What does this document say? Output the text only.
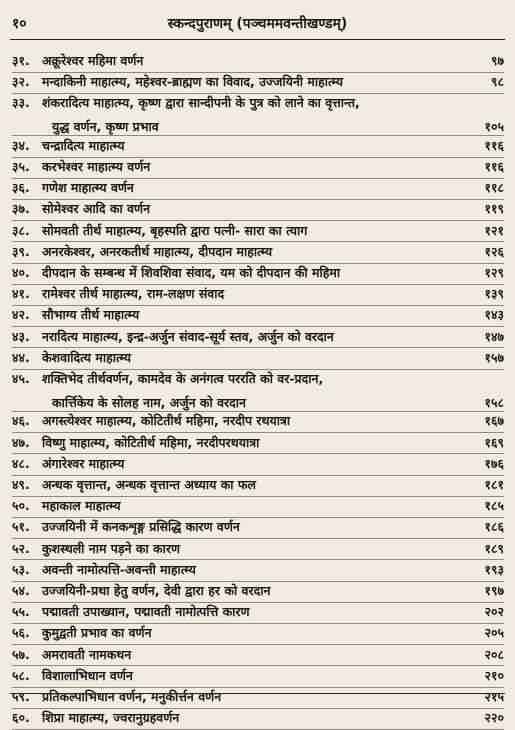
१०	स्कन्दपुराणम् (पञ्चममवन्तीखण्डम्)
३१. अक्रूरेश्वर महिमा वर्णन	९७
३२. मन्दाकिनी माहात्म्य, महेश्वर-ब्राह्मण का विवाद, उज्जयिनी माहात्म्य	९८
३३. शंकरादित्य माहात्म्य, कृष्ण द्वारा सान्दीपनी के पुत्र को लाने का वृत्तान्त,
युद्ध वर्णन, कृष्ण प्रभाव	१०५
३४. चन्द्रादित्य माहात्म्य	११६
३५. करभेश्वर माहात्म्य वर्णन	११६
३६. गणेश माहात्म्य वर्णन	११८
३७. सोमेश्वर आदि का वर्णन	११९
३८. सोमवती तीर्थ माहात्म्य, बृहस्पति द्वारा पत्नी- सारा का त्याग	१२१
३९. अनरकेश्वर, अनरकतीर्थ माहात्म्य, दीपदान माहात्म्य	१२६
४०. दीपदान के सम्बन्ध में शिवशिवा संवाद, यम को दीपदान की महिमा	१२९
४१. रामेश्वर तीर्थ माहात्म्य, राम-लक्षण संवाद	१३९
४२. सौभाग्य तीर्थ माहात्म्य	१४३
४३. नरादित्य माहात्म्य, इन्द्र-अर्जुन संवाद-सूर्य स्तव, अर्जुन को वरदान	१४७
४४. केशवादित्य माहात्म्य	१५७
४५. शक्तिभेद तीर्थवर्णन, कामदेव के अनंगत्व पररति को वर-प्रदान,
कार्त्तिकेय के सोलह नाम, अर्जुन को वरदान	१५८
४६. अगस्त्येश्वर माहात्म्य, कोटितीर्थ महिमा, नरदीप रथयात्रा	१६७
४७. विष्णु माहात्म्य, कोटितीर्थ महिमा, नरदीपरथयात्रा	१६९
४८. अंगारेश्वर माहात्म्य	१७६
४९. अन्धक वृत्तान्त, अन्धक वृत्तान्त अध्याय का फल	१८१
५०. महाकाल माहात्म्य	१८५
५१. उज्जयिनी में कनकशृङ्ग प्रसिद्धि कारण वर्णन	१८६
५२. कुशस्थली नाम पड़ने का कारण	१८९
५३. अवन्ती नामोत्पत्ति-अवन्ती माहात्म्य	१९३
५४. उज्जयिनी-प्रथा हेतु वर्णन, देवी द्वारा हर को वरदान	१९७
५५. पद्मावती उपाख्यान, पद्मावती नामोत्पत्ति कारण	२०२
५६. कुमुद्वती प्रभाव का वर्णन	२०५
५७. अमरावती नामकथन	२०८
५८. विशालाभिधान वर्णन	२१०
५९. प्रतिकल्पाभिधान वर्णन, मनुकीर्त्तन वर्णन	२१५
६०. शिप्रा माहात्म्य, ज्वरानुग्रहवर्णन	२२०
